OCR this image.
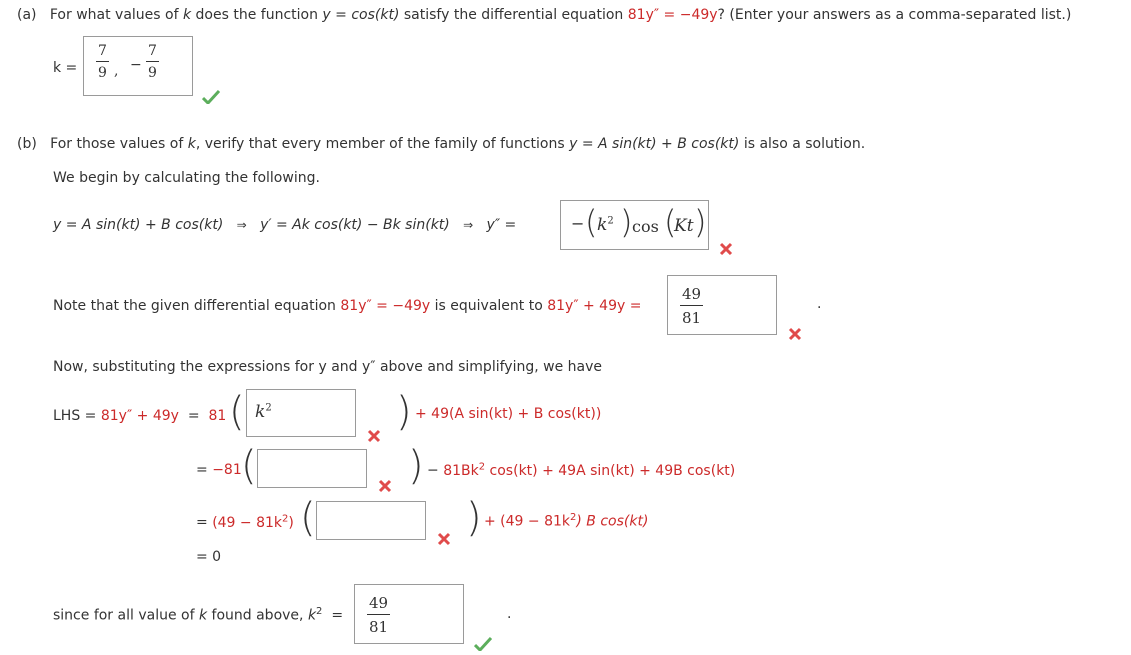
(a) For what values of k does the function y = cos(kt) satisfy the differential equation 81y″ = −49y? (Enter your answers as a comma-separated list.)
k =
7
9 , −
7
9
(b) For those values of k, verify that every member of the family of functions y = A sin(kt) + B cos(kt) is also a solution.
We begin by calculating the following.
y = A sin(kt) + B cos(kt) ⇒ y′ = Ak cos(kt) − Bk sin(kt) ⇒ y″ =	− ( $k^2$ ) cos (
Kt )
Note that the given differential equation 81y″ = −49y is equivalent to 81y″ + 49y =
49
81
.
Now, substituting the expressions for y and y″ above and simplifying, we have
LHS = 81y″ + 49y = 81 ( $k^2$	) + 49(A sin(kt) + B cos(kt))
= −81 (	) − $81Bk^2$ cos(kt) + 49A sin(kt) + 49B cos(kt)
= $(49 - 81k^2)$ (	) + $(49 - 81k^2)$ B cos(kt)
= 0
since for all value of k found above, $k^2$ =
49
81
.
